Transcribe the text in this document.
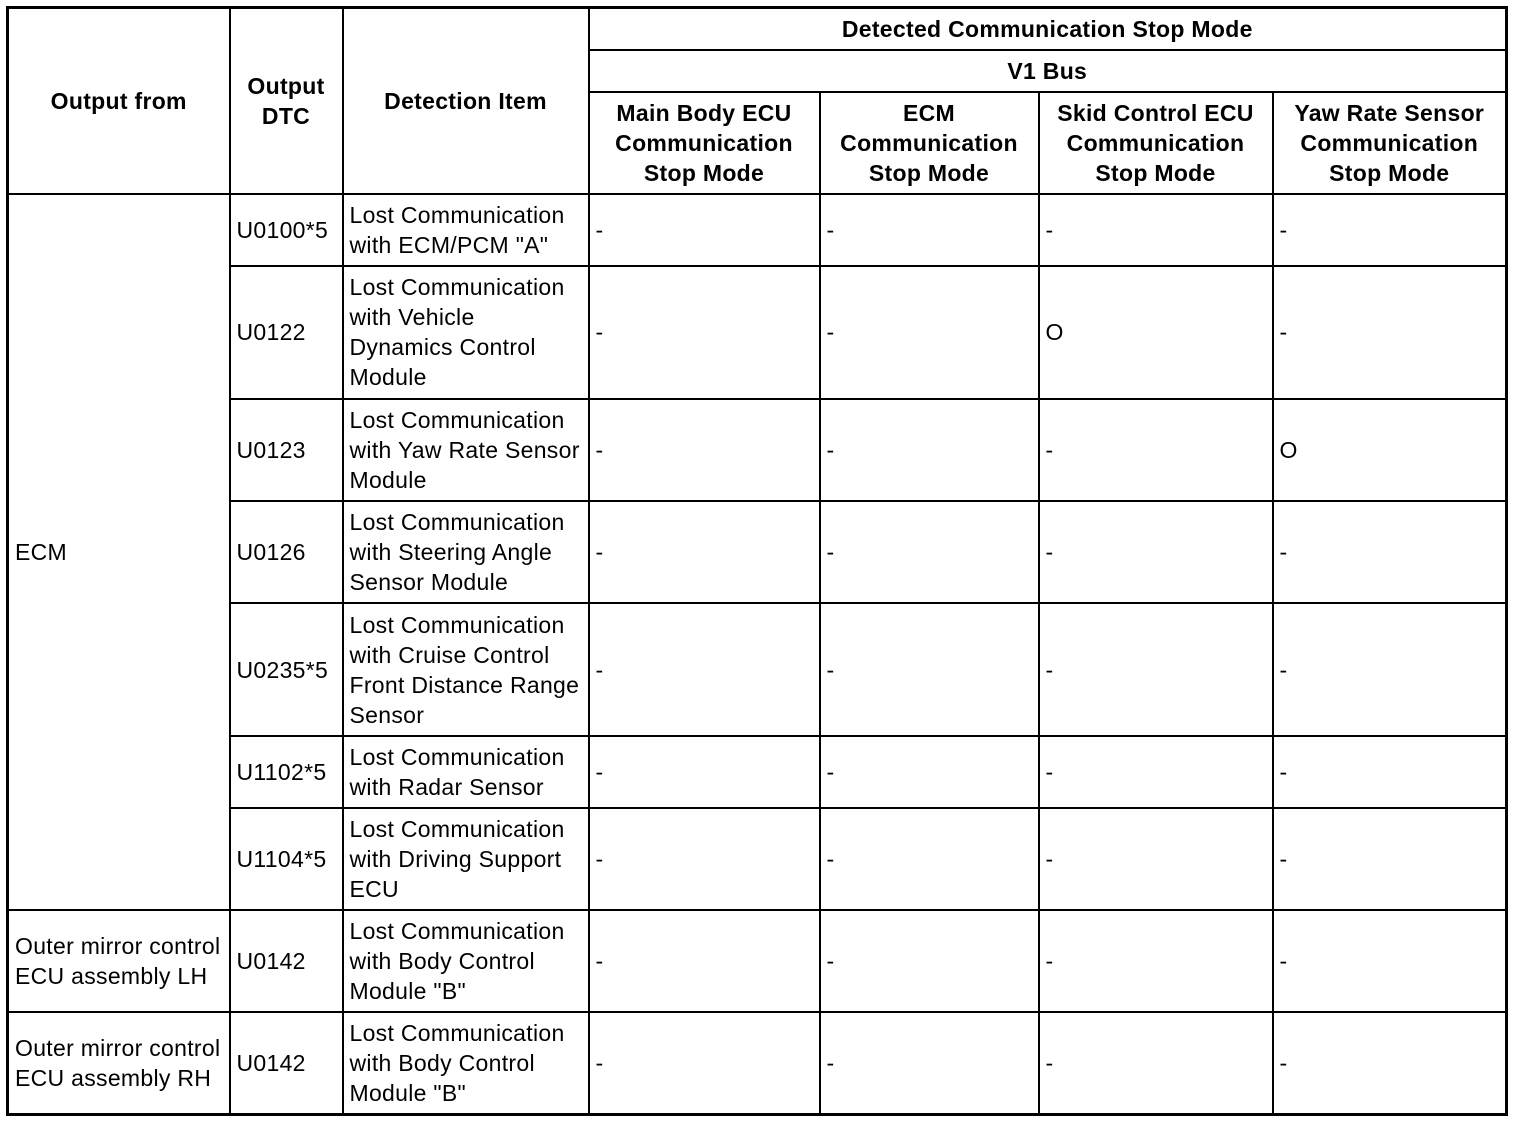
Output from	Output DTC	Detection Item	Detected Communication Stop Mode			
			V1 Bus			
			Main Body ECU Communication Stop Mode	ECM Communication Stop Mode	Skid Control ECU Communication Stop Mode	Yaw Rate Sensor Communication Stop Mode
ECM	U0100*5	Lost Communication with ECM/PCM "A"	-	-	-	-
	U0122	Lost Communication with Vehicle Dynamics Control Module	-	-	O	-
	U0123	Lost Communication with Yaw Rate Sensor Module	-	-	-	O
	U0126	Lost Communication with Steering Angle Sensor Module	-	-	-	-
	U0235*5	Lost Communication with Cruise Control Front Distance Range Sensor	-	-	-	-
	U1102*5	Lost Communication with Radar Sensor	-	-	-	-
	U1104*5	Lost Communication with Driving Support ECU	-	-	-	-
Outer mirror control ECU assembly LH	U0142	Lost Communication with Body Control Module "B"	-	-	-	-
Outer mirror control ECU assembly RH	U0142	Lost Communication with Body Control Module "B"	-	-	-	-
